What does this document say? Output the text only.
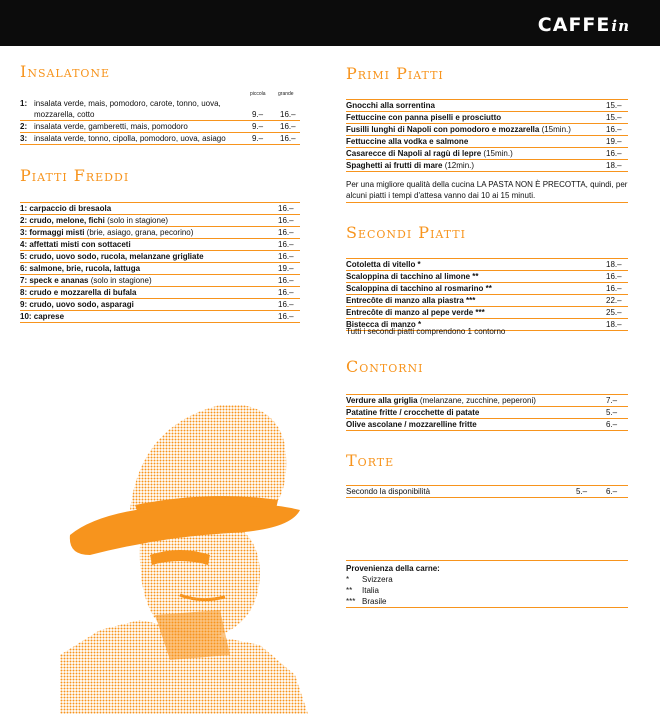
CAFFEin
Insalatone
piccola grande
1:	insalata verde, mais, pomodoro, carote, tonno, uova,		
	mozzarella, cotto	9.–	16.–
2:	insalata verde, gamberetti, mais, pomodoro	9.–	16.–
3:	insalata verde, tonno, cipolla, pomodoro, uova, asiago	9.–	16.–
Piatti Freddi
1: carpaccio di bresaola	16.–
2: crudo, melone, fichi (solo in stagione)	16.–
3: formaggi misti (brie, asiago, grana, pecorino)	16.–
4: affettati misti con sottaceti	16.–
5: crudo, uovo sodo, rucola, melanzane grigliate	16.–
6: salmone, brie, rucola, lattuga	19.–
7: speck e ananas (solo in stagione)	16.–
8: crudo e mozzarella di bufala	16.–
9: crudo, uovo sodo, asparagi	16.–
10: caprese	16.–
Primi Piatti
Gnocchi alla sorrentina	15.–
Fettuccine con panna piselli e prosciutto	15.–
Fusilli lunghi di Napoli con pomodoro e mozzarella (15min.)	16.–
Fettuccine alla vodka e salmone	19.–
Casarecce di Napoli al ragù di lepre (15min.)	16.–
Spaghetti ai frutti di mare (12min.)	18.–

Per una migliore qualità della cucina LA PASTA NON È PRECOTTA, quindi, per alcuni piatti i tempi d'attesa vanno dai 10 ai 15 minuti.

Secondi Piatti
Cotoletta di vitello *	18.–
Scaloppina di tacchino al limone **	16.–
Scaloppina di tacchino al rosmarino **	16.–
Entrecôte di manzo alla piastra ***	22.–
Entrecôte di manzo al pepe verde ***	25.–
Bistecca di manzo *	18.–

Tutti i secondi piatti comprendono 1 contorno

Contorni
Verdure alla griglia (melanzane, zucchine, peperoni)	7.–
Patatine fritte / crocchette di patate	5.–
Olive ascolane / mozzarelline fritte	6.–
Torte
Secondo la disponibilità	5.–	6.–
Provenienza della carne:	
*	Svizzera
**	Italia
***	Brasile
